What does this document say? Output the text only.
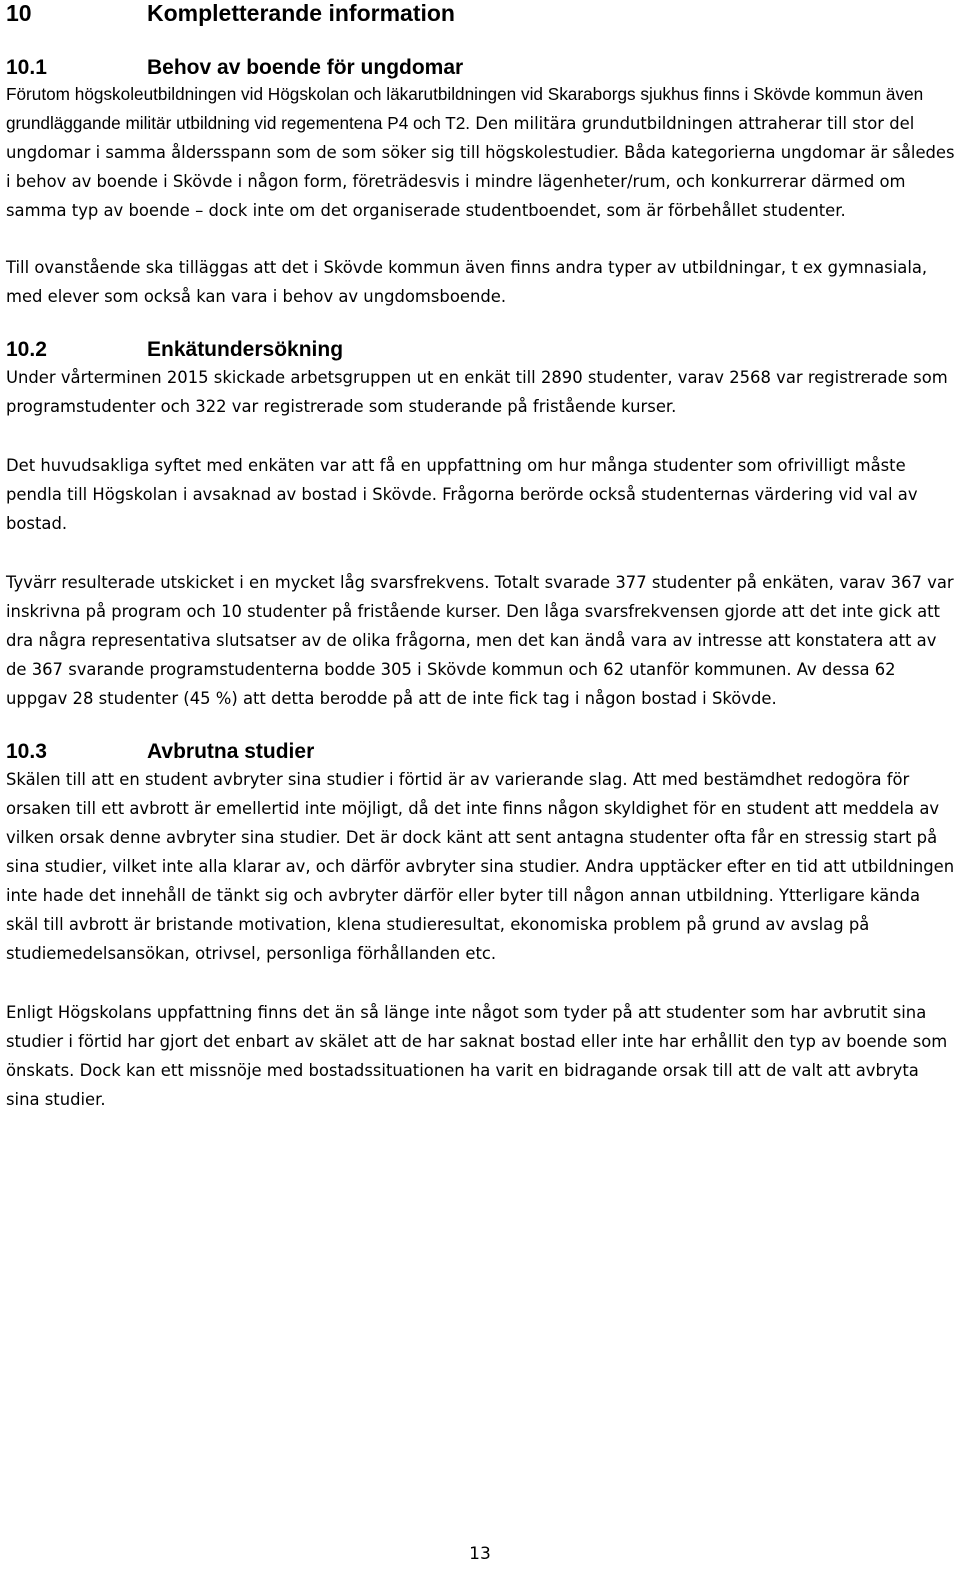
10	Kompletterande information
10.1	Behov av boende för ungdomar

Förutom högskoleutbildningen vid Högskolan och läkarutbildningen vid Skaraborgs sjukhus finns i Skövde kommun även grundläggande militär utbildning vid regementena P4 och T2. Den militära grundutbildningen attraherar till stor del ungdomar i samma åldersspann som de som söker sig till högskolestudier. Båda kategorierna ungdomar är således i behov av boende i Skövde i någon form, företrädesvis i mindre lägenheter/rum, och konkurrerar därmed om samma typ av boende – dock inte om det organiserade studentboendet, som är förbehållet studenter.

Till ovanstående ska tilläggas att det i Skövde kommun även finns andra typer av utbildningar, t ex gymnasiala, med elever som också kan vara i behov av ungdomsboende.

10.2	Enkätundersökning

Under vårterminen 2015 skickade arbetsgruppen ut en enkät till 2890 studenter, varav 2568 var registrerade som programstudenter och 322 var registrerade som studerande på fristående kurser.

Det huvudsakliga syftet med enkäten var att få en uppfattning om hur många studenter som ofrivilligt måste pendla till Högskolan i avsaknad av bostad i Skövde. Frågorna berörde också studenternas värdering vid val av bostad.

Tyvärr resulterade utskicket i en mycket låg svarsfrekvens. Totalt svarade 377 studenter på enkäten, varav 367 var inskrivna på program och 10 studenter på fristående kurser. Den låga svarsfrekvensen gjorde att det inte gick att dra några representativa slutsatser av de olika frågorna, men det kan ändå vara av intresse att konstatera att av de 367 svarande programstudenterna bodde 305 i Skövde kommun och 62 utanför kommunen. Av dessa 62 uppgav 28 studenter (45 %) att detta berodde på att de inte fick tag i någon bostad i Skövde.

10.3	Avbrutna studier

Skälen till att en student avbryter sina studier i förtid är av varierande slag. Att med bestämdhet redogöra för orsaken till ett avbrott är emellertid inte möjligt, då det inte finns någon skyldighet för en student att meddela av vilken orsak denne avbryter sina studier. Det är dock känt att sent antagna studenter ofta får en stressig start på sina studier, vilket inte alla klarar av, och därför avbryter sina studier. Andra upptäcker efter en tid att utbildningen inte hade det innehåll de tänkt sig och avbryter därför eller byter till någon annan utbildning. Ytterligare kända skäl till avbrott är bristande motivation, klena studieresultat, ekonomiska problem på grund av avslag på studiemedelsansökan, otrivsel, personliga förhållanden etc.

Enligt Högskolans uppfattning finns det än så länge inte något som tyder på att studenter som har avbrutit sina studier i förtid har gjort det enbart av skälet att de har saknat bostad eller inte har erhållit den typ av boende som önskats. Dock kan ett missnöje med bostadssituationen ha varit en bidragande orsak till att de valt att avbryta sina studier.

13
